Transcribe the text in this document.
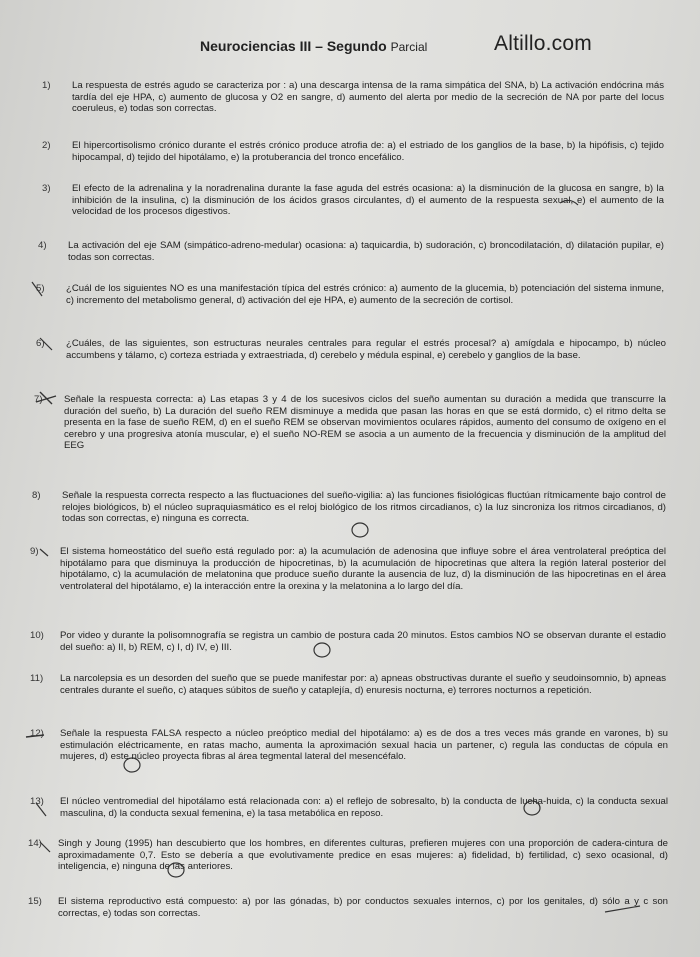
Neurociencias III – Segundo Parcial	Altillo.com
1) La respuesta de estrés agudo se caracteriza por : a) una descarga intensa de la rama simpática del SNA, b) La activación endócrina más tardía del eje HPA, c) aumento de glucosa y O2 en sangre, d) aumento del alerta por medio de la secreción de NA por parte del locus coeruleus, e) todas son correctas.
2) El hipercortisolismo crónico durante el estrés crónico produce atrofia de: a) el estriado de los ganglios de la base, b) la hipófisis, c) tejido hipocampal, d) tejido del hipotálamo, e) la protuberancia del tronco encefálico.
3) El efecto de la adrenalina y la noradrenalina durante la fase aguda del estrés ocasiona: a) la disminución de la glucosa en sangre, b) la inhibición de la insulina, c) la disminución de los ácidos grasos circulantes, d) el aumento de la respuesta sexual, e) el aumento de la velocidad de los procesos digestivos.
4) La activación del eje SAM (simpático-adreno-medular) ocasiona: a) taquicardia, b) sudoración, c) broncodilatación, d) dilatación pupilar, e) todas son correctas.
5) ¿Cuál de los siguientes NO es una manifestación típica del estrés crónico: a) aumento de la glucemia, b) potenciación del sistema inmune, c) incremento del metabolismo general, d) activación del eje HPA, e) aumento de la secreción de cortisol.
6) ¿Cuáles, de las siguientes, son estructuras neurales centrales para regular el estrés procesal? a) amígdala e hipocampo, b) núcleo accumbens y tálamo, c) corteza estriada y extraestriada, d) cerebelo y médula espinal, e) cerebelo y ganglios de la base.
7) Señale la respuesta correcta: a) Las etapas 3 y 4 de los sucesivos ciclos del sueño aumentan su duración a medida que transcurre la duración del sueño, b) La duración del sueño REM disminuye a medida que pasan las horas en que se está dormido, c) el ritmo delta se presenta en la fase de sueño REM, d) en el sueño REM se observan movimientos oculares rápidos, aumento del consumo de oxígeno en el cerebro y una progresiva atonía muscular, e) el sueño NO-REM se asocia a un aumento de la frecuencia y disminución de la amplitud del EEG
8) Señale la respuesta correcta respecto a las fluctuaciones del sueño-vigilia: a) las funciones fisiológicas fluctúan rítmicamente bajo control de relojes biológicos, b) el núcleo supraquiasmático es el reloj biológico de los ritmos circadianos, c) la luz sincroniza los ritmos circadianos, d) todas son correctas, e) ninguna es correcta.
9) El sistema homeostático del sueño está regulado por: a) la acumulación de adenosina que influye sobre el área ventrolateral preóptica del hipotálamo para que disminuya la producción de hipocretinas, b) la acumulación de hipocretinas que altera la región lateral posterior del hipotálamo, c) la acumulación de melatonina que produce sueño durante la ausencia de luz, d) la disminución de las hipocretinas en el área ventrolateral del hipotálamo, e) la interacción entre la orexina y la melatonina a lo largo del día.
10) Por video y durante la polisomnografía se registra un cambio de postura cada 20 minutos. Estos cambios NO se observan durante el estadio del sueño: a) II, b) REM, c) I, d) IV, e) III.
11) La narcolepsia es un desorden del sueño que se puede manifestar por: a) apneas obstructivas durante el sueño y seudoinsomnio, b) apneas centrales durante el sueño, c) ataques súbitos de sueño y cataplejía, d) enuresis nocturna, e) terrores nocturnos a repetición.
12) Señale la respuesta FALSA respecto a núcleo preóptico medial del hipotálamo: a) es de dos a tres veces más grande en varones, b) su estimulación eléctricamente, en ratas macho, aumenta la aproximación sexual hacia un partener, c) regula las conductas de cópula en mujeres, d) este núcleo proyecta fibras al área tegmental lateral del mesencéfalo.
13) El núcleo ventromedial del hipotálamo está relacionada con: a) el reflejo de sobresalto, b) la conducta de lucha-huida, c) la conducta sexual masculina, d) la conducta sexual femenina, e) la tasa metabólica en reposo.
14) Singh y Joung (1995) han descubierto que los hombres, en diferentes culturas, prefieren mujeres con una proporción de cadera-cintura de aproximadamente 0,7. Esto se debería a que evolutivamente predice en esas mujeres: a) fidelidad, b) fertilidad, c) sexo ocasional, d) inteligencia, e) ninguna de las anteriores.
15) El sistema reproductivo está compuesto: a) por las gónadas, b) por conductos sexuales internos, c) por los genitales, d) sólo a y c son correctas, e) todas son correctas.
